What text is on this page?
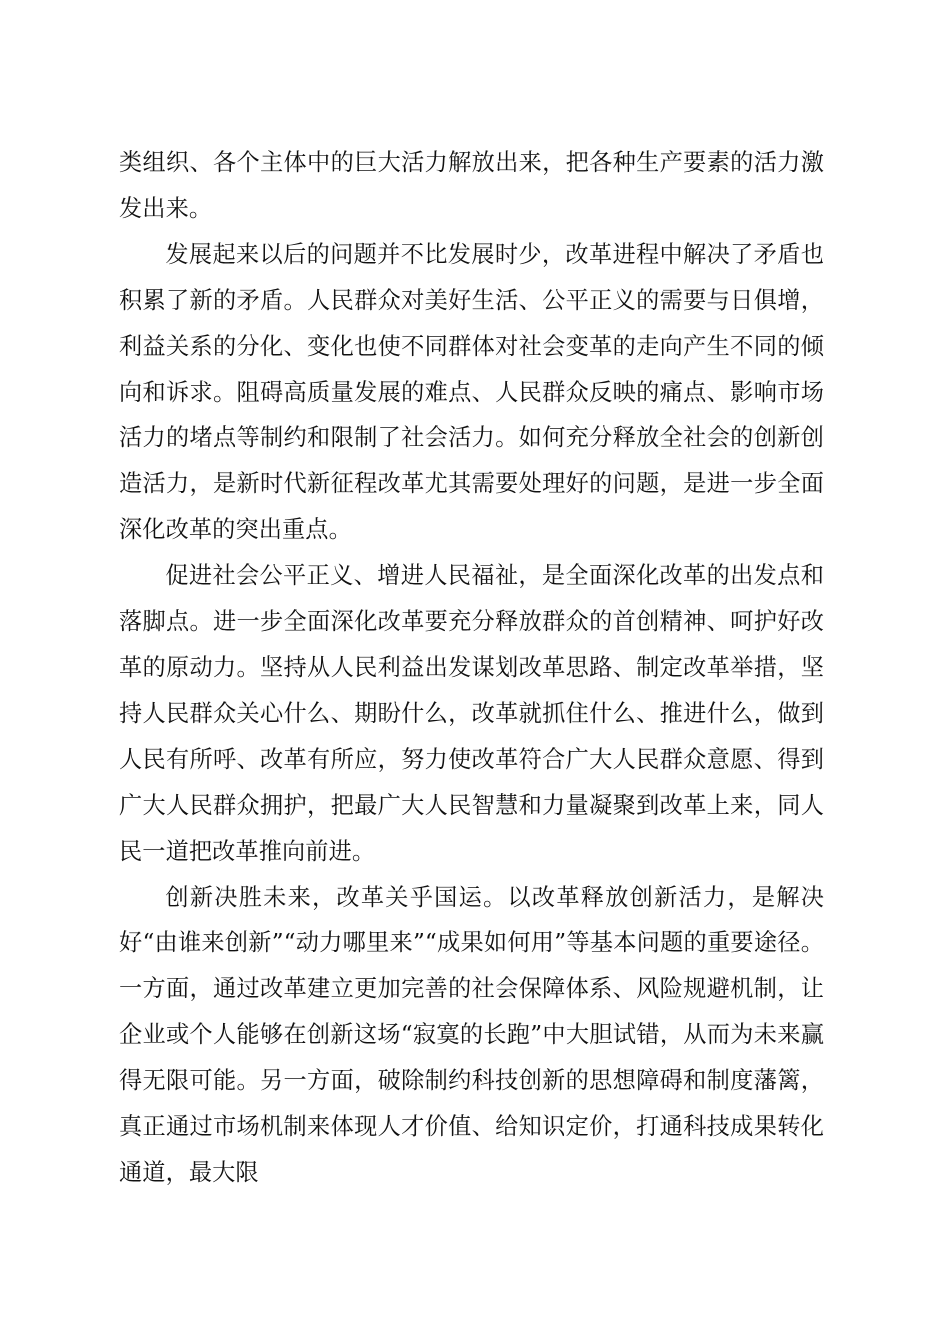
类组织、各个主体中的巨大活力解放出来，把各种生产要素的活力激发出来。

发展起来以后的问题并不比发展时少，改革进程中解决了矛盾也积累了新的矛盾。人民群众对美好生活、公平正义的需要与日俱增，利益关系的分化、变化也使不同群体对社会变革的走向产生不同的倾向和诉求。阻碍高质量发展的难点、人民群众反映的痛点、影响市场活力的堵点等制约和限制了社会活力。如何充分释放全社会的创新创造活力，是新时代新征程改革尤其需要处理好的问题，是进一步全面深化改革的突出重点。

促进社会公平正义、增进人民福祉，是全面深化改革的出发点和落脚点。进一步全面深化改革要充分释放群众的首创精神、呵护好改革的原动力。坚持从人民利益出发谋划改革思路、制定改革举措，坚持人民群众关心什么、期盼什么，改革就抓住什么、推进什么，做到人民有所呼、改革有所应，努力使改革符合广大人民群众意愿、得到广大人民群众拥护，把最广大人民智慧和力量凝聚到改革上来，同人民一道把改革推向前进。

创新决胜未来，改革关乎国运。以改革释放创新活力，是解决好“由谁来创新”“动力哪里来”“成果如何用”等基本问题的重要途径。一方面，通过改革建立更加完善的社会保障体系、风险规避机制，让企业或个人能够在创新这场“寂寞的长跑”中大胆试错，从而为未来赢得无限可能。另一方面，破除制约科技创新的思想障碍和制度藩篱，真正通过市场机制来体现人才价值、给知识定价，打通科技成果转化通道，最大限
